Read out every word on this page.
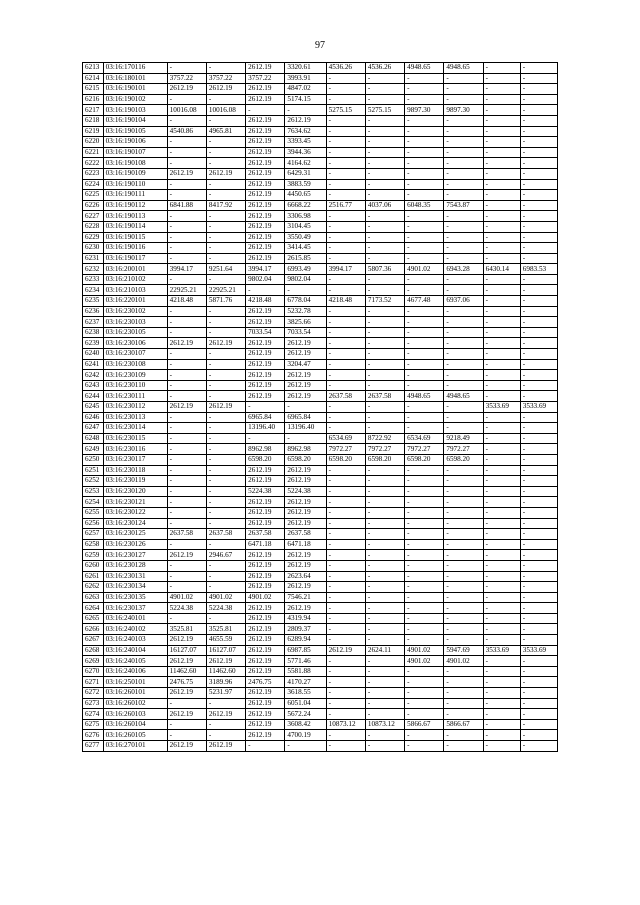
97
6213	03:16:170116	-	-	2612.19	3320.61	4536.26	4536.26	4948.65	4948.65	-	-
6214	03:16:180101	3757.22	3757.22	3757.22	3993.91	-	-	-	-	-	-
6215	03:16:190101	2612.19	2612.19	2612.19	4847.02	-	-	-	-	-	-
6216	03:16:190102	-	-	2612.19	5174.15	-	-	-	-	-	-
6217	03:16:190103	10016.08	10016.08	-	-	5275.15	5275.15	9897.30	9897.30	-	-
6218	03:16:190104	-	-	2612.19	2612.19	-	-	-	-	-	-
6219	03:16:190105	4540.86	4965.81	2612.19	7634.62	-	-	-	-	-	-
6220	03:16:190106	-	-	2612.19	3393.45	-	-	-	-	-	-
6221	03:16:190107	-	-	2612.19	3944.36	-	-	-	-	-	-
6222	03:16:190108	-	-	2612.19	4164.62	-	-	-	-	-	-
6223	03:16:190109	2612.19	2612.19	2612.19	6429.31	-	-	-	-	-	-
6224	03:16:190110	-	-	2612.19	3883.59	-	-	-	-	-	-
6225	03:16:190111	-	-	2612.19	4450.65	-	-	-	-	-	-
6226	03:16:190112	6841.88	8417.92	2612.19	6668.22	2516.77	4037.06	6048.35	7543.87	-	-
6227	03:16:190113	-	-	2612.19	3306.98	-	-	-	-	-	-
6228	03:16:190114	-	-	2612.19	3104.45	-	-	-	-	-	-
6229	03:16:190115	-	-	2612.19	3550.49	-	-	-	-	-	-
6230	03:16:190116	-	-	2612.19	3414.45	-	-	-	-	-	-
6231	03:16:190117	-	-	2612.19	2615.85	-	-	-	-	-	-
6232	03:16:200101	3994.17	9251.64	3994.17	6993.49	3994.17	5807.36	4901.02	6943.28	6430.14	6983.53
6233	03:16:210102	-	-	9802.04	9802.04	-	-	-	-	-	-
6234	03:16:210103	22925.21	22925.21	-	-	-	-	-	-	-	-
6235	03:16:220101	4218.48	5871.76	4218.48	6778.04	4218.48	7173.52	4677.48	6937.06	-	-
6236	03:16:230102	-	-	2612.19	5232.78	-	-	-	-	-	-
6237	03:16:230103	-	-	2612.19	3825.66	-	-	-	-	-	-
6238	03:16:230105	-	-	7033.54	7033.54	-	-	-	-	-	-
6239	03:16:230106	2612.19	2612.19	2612.19	2612.19	-	-	-	-	-	-
6240	03:16:230107	-	-	2612.19	2612.19	-	-	-	-	-	-
6241	03:16:230108	-	-	2612.19	3204.47	-	-	-	-	-	-
6242	03:16:230109	-	-	2612.19	2612.19	-	-	-	-	-	-
6243	03:16:230110	-	-	2612.19	2612.19	-	-	-	-	-	-
6244	03:16:230111	-	-	2612.19	2612.19	2637.58	2637.58	4948.65	4948.65	-	-
6245	03:16:230112	2612.19	2612.19	-	-	-	-	-	-	3533.69	3533.69
6246	03:16:230113	-	-	6965.84	6965.84	-	-	-	-	-	-
6247	03:16:230114	-	-	13196.40	13196.40	-	-	-	-	-	-
6248	03:16:230115	-	-	-	-	6534.69	8722.92	6534.69	9218.49	-	-
6249	03:16:230116	-	-	8962.98	8962.98	7972.27	7972.27	7972.27	7972.27	-	-
6250	03:16:230117	-	-	6598.20	6598.20	6598.20	6598.20	6598.20	6598.20	-	-
6251	03:16:230118	-	-	2612.19	2612.19	-	-	-	-	-	-
6252	03:16:230119	-	-	2612.19	2612.19	-	-	-	-	-	-
6253	03:16:230120	-	-	5224.38	5224.38	-	-	-	-	-	-
6254	03:16:230121	-	-	2612.19	2612.19	-	-	-	-	-	-
6255	03:16:230122	-	-	2612.19	2612.19	-	-	-	-	-	-
6256	03:16:230124	-	-	2612.19	2612.19	-	-	-	-	-	-
6257	03:16:230125	2637.58	2637.58	2637.58	2637.58	-	-	-	-	-	-
6258	03:16:230126	-	-	6471.18	6471.18	-	-	-	-	-	-
6259	03:16:230127	2612.19	2946.67	2612.19	2612.19	-	-	-	-	-	-
6260	03:16:230128	-	-	2612.19	2612.19	-	-	-	-	-	-
6261	03:16:230131	-	-	2612.19	2623.64	-	-	-	-	-	-
6262	03:16:230134	-	-	2612.19	2612.19	-	-	-	-	-	-
6263	03:16:230135	4901.02	4901.02	4901.02	7546.21	-	-	-	-	-	-
6264	03:16:230137	5224.38	5224.38	2612.19	2612.19	-	-	-	-	-	-
6265	03:16:240101	-	-	2612.19	4319.94	-	-	-	-	-	-
6266	03:16:240102	3525.81	3525.81	2612.19	2809.37	-	-	-	-	-	-
6267	03:16:240103	2612.19	4655.59	2612.19	6289.94	-	-	-	-	-	-
6268	03:16:240104	16127.07	16127.07	2612.19	6987.85	2612.19	2624.11	4901.02	5947.69	3533.69	3533.69
6269	03:16:240105	2612.19	2612.19	2612.19	5771.46	-	-	4901.02	4901.02	-	-
6270	03:16:240106	11462.60	11462.60	2612.19	5581.88	-	-	-	-	-	-
6271	03:16:250101	2476.75	3189.96	2476.75	4170.27	-	-	-	-	-	-
6272	03:16:260101	2612.19	5231.97	2612.19	3618.55	-	-	-	-	-	-
6273	03:16:260102	-	-	2612.19	6051.04	-	-	-	-	-	-
6274	03:16:260103	2612.19	2612.19	2612.19	5672.24	-	-	-	-	-	-
6275	03:16:260104	-	-	2612.19	3608.42	10873.12	10873.12	5866.67	5866.67	-	-
6276	03:16:260105	-	-	2612.19	4700.19	-	-	-	-	-	-
6277	03:16:270101	2612.19	2612.19	-	-	-	-	-	-	-	-
